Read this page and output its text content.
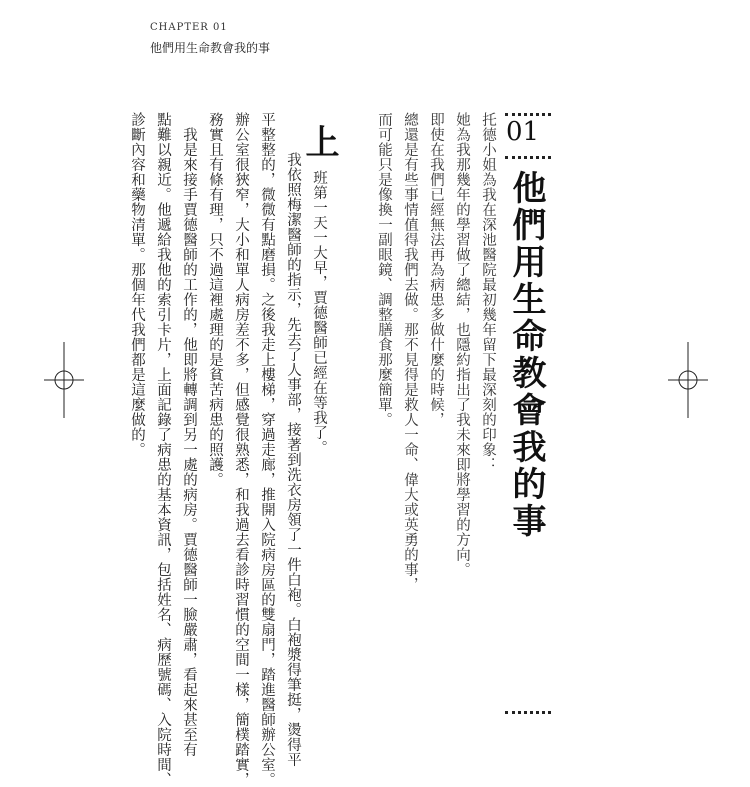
CHAPTER 01
他們用生命教會我的事
01
他們用生命教會我的事
托德小姐為我在深池醫院最初幾年留下最深刻的印象：
她為我那幾年的學習做了總結，也隱約指出了我未來即將學習的方向。
即使在我們已經無法再為病患多做什麼的時候，
總還是有些事情值得我們去做。那不見得是救人一命、偉大或英勇的事，
而可能只是像換一副眼鏡、調整膳食那麼簡單。
上
班第一天一大早，賈德醫師已經在等我了。
我依照梅潔醫師的指示，先去了人事部，接著到洗衣房領了一件白袍。白袍漿得筆挺，燙得平
平整整的，微微有點磨損。之後我走上樓梯，穿過走廊，推開入院病房區的雙扇門，踏進醫師辦公室。
辦公室很狹窄，大小和單人病房差不多，但感覺很熟悉，和我過去看診時習慣的空間一樣，簡樸踏實，
務實且有條有理，只不過這裡處理的是貧苦病患的照護。
　我是來接手賈德醫師的工作的，他即將轉調到另一處的病房。賈德醫師一臉嚴肅，看起來甚至有
點難以親近。他遞給我他的索引卡片，上面記錄了病患的基本資訊，包括姓名、病歷號碼、入院時間、
診斷內容和藥物清單。那個年代我們都是這麼做的。
